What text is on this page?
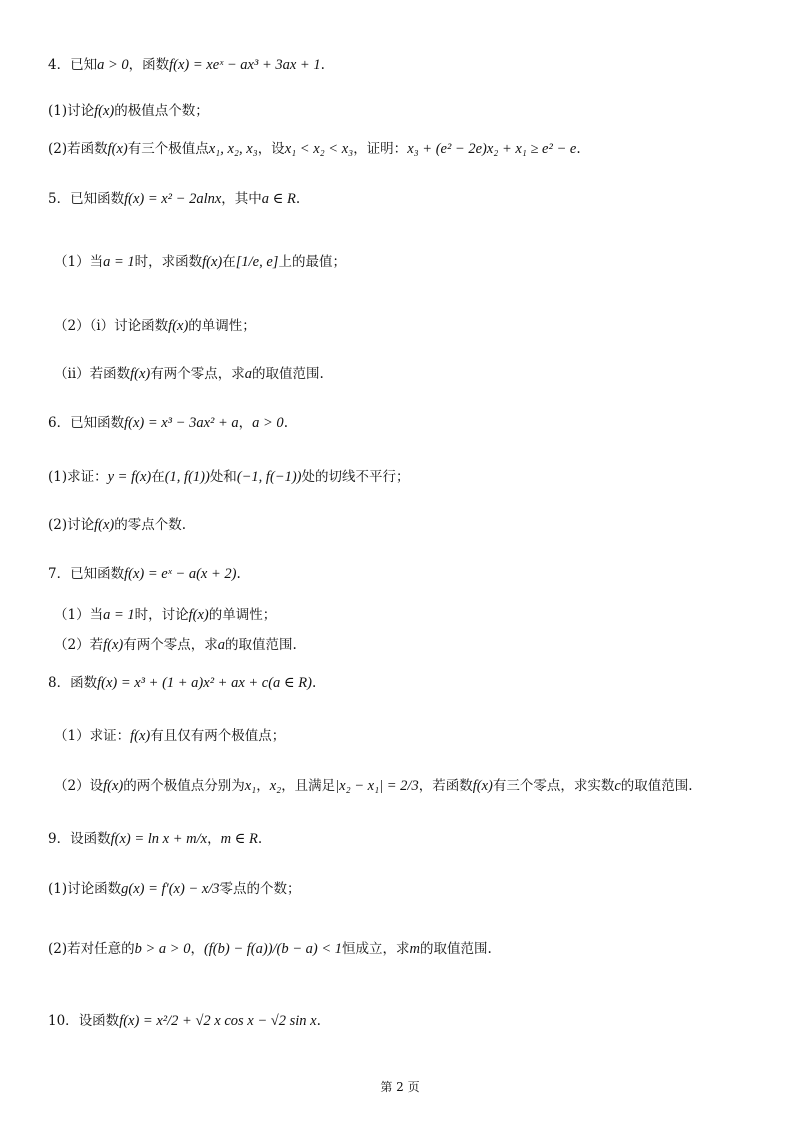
4．已知a > 0，函数f(x) = xeˣ − ax³ + 3ax + 1.
(1)讨论f(x)的极值点个数；
(2)若函数f(x)有三个极值点x₁, x₂, x₃，设x₁ < x₂ < x₃，证明：x₃ + (e² − 2e)x₂ + x₁ ≥ e² − e.
5．已知函数f(x) = x² − 2alnx，其中a ∈ R.
（1）当a = 1时，求函数f(x)在[1/e, e]上的最值；
（2）（i）讨论函数f(x)的单调性；
（ii）若函数f(x)有两个零点，求a的取值范围.
6．已知函数f(x) = x³ − 3ax² + a，a > 0.
(1)求证：y = f(x)在(1, f(1))处和(−1, f(−1))处的切线不平行；
(2)讨论f(x)的零点个数.
7．已知函数f(x) = eˣ − a(x + 2).
（1）当a = 1时，讨论f(x)的单调性；
（2）若f(x)有两个零点，求a的取值范围.
8．函数f(x) = x³ + (1 + a)x² + ax + c(a ∈ R).
（1）求证：f(x)有且仅有两个极值点；
（2）设f(x)的两个极值点分别为x₁，x₂，且满足|x₂ − x₁| = 2/3，若函数f(x)有三个零点，求实数c的取值范围.
9．设函数f(x) = ln x + m/x，m ∈ R.
(1)讨论函数g(x) = f′(x) − x/3零点的个数；
(2)若对任意的b > a > 0，(f(b) − f(a))/(b − a) < 1恒成立，求m的取值范围.
10．设函数f(x) = x²/2 + √2 x cos x − √2 sin x.
第 2 页
